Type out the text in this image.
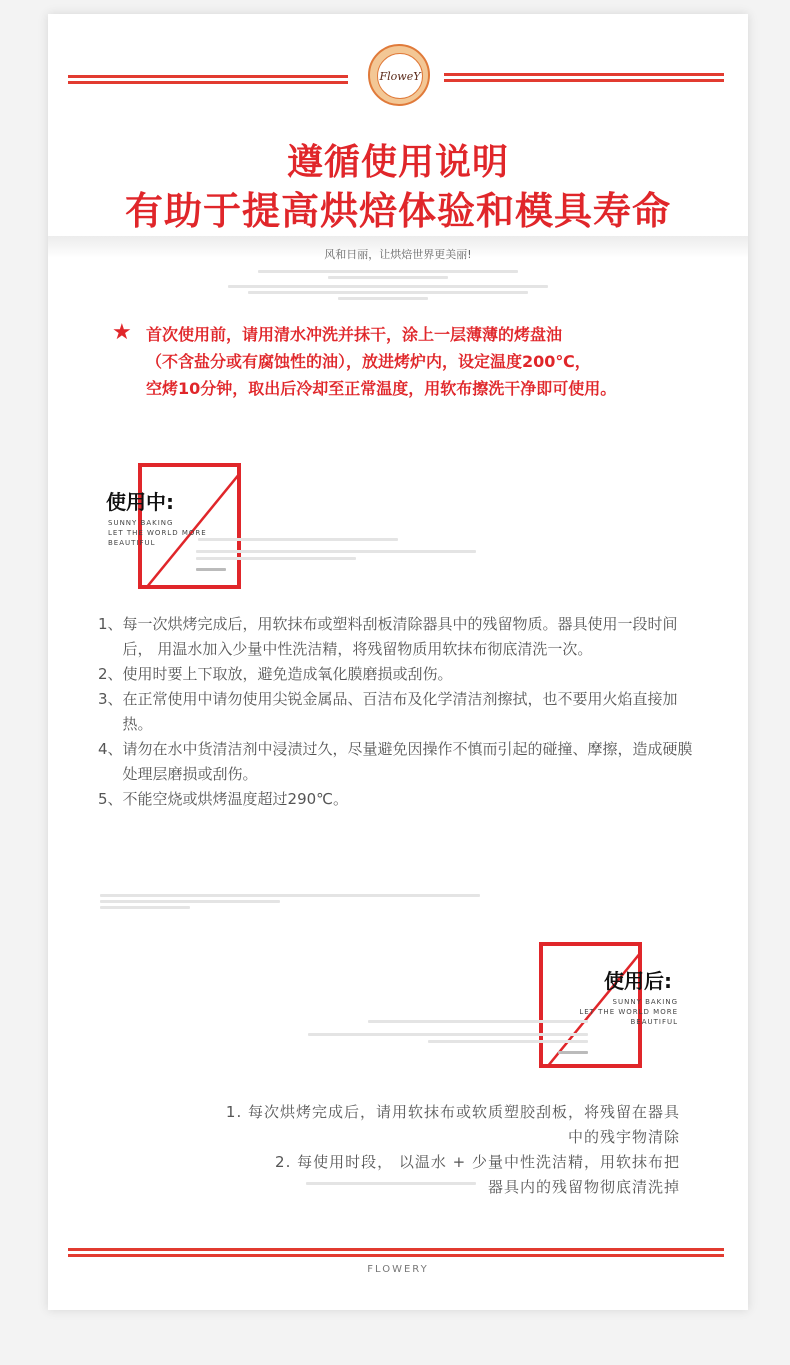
FloweY
遵循使用说明
有助于提高烘焙体验和模具寿命
风和日丽，让烘焙世界更美丽!
★ 首次使用前，请用清水冲洗并抹干，涂上一层薄薄的烤盘油
（不含盐分或有腐蚀性的油），放进烤炉内，设定温度200℃，
空烤10分钟，取出后冷却至正常温度，用软布擦洗干净即可使用。
使用中:
SUNNY BAKING
LET THE WORLD MORE
BEAUTIFUL
1、 每一次烘烤完成后，用软抹布或塑料刮板清除器具中的残留物质。器具使用一段时间后， 用温水加入少量中性洗洁精，将残留物质用软抹布彻底清洗一次。
2、 使用时要上下取放，避免造成氧化膜磨损或刮伤。
3、 在正常使用中请勿使用尖锐金属品、百洁布及化学清洁剂擦拭，也不要用火焰直接加热。
4、 请勿在水中货清洁剂中浸渍过久，尽量避免因操作不慎而引起的碰撞、摩擦，造成硬膜处理层磨损或刮伤。
5、 不能空烧或烘烤温度超过290℃。
使用后:
SUNNY BAKING
LET THE WORLD MORE
BEAUTIFUL
1. 每次烘烤完成后，请用软抹布或软质塑胶刮板，将残留在器具
中的残宇物清除
2. 每使用时段， 以温水 + 少量中性洗洁精，用软抹布把
器具内的残留物彻底清洗掉
FLOWERY
